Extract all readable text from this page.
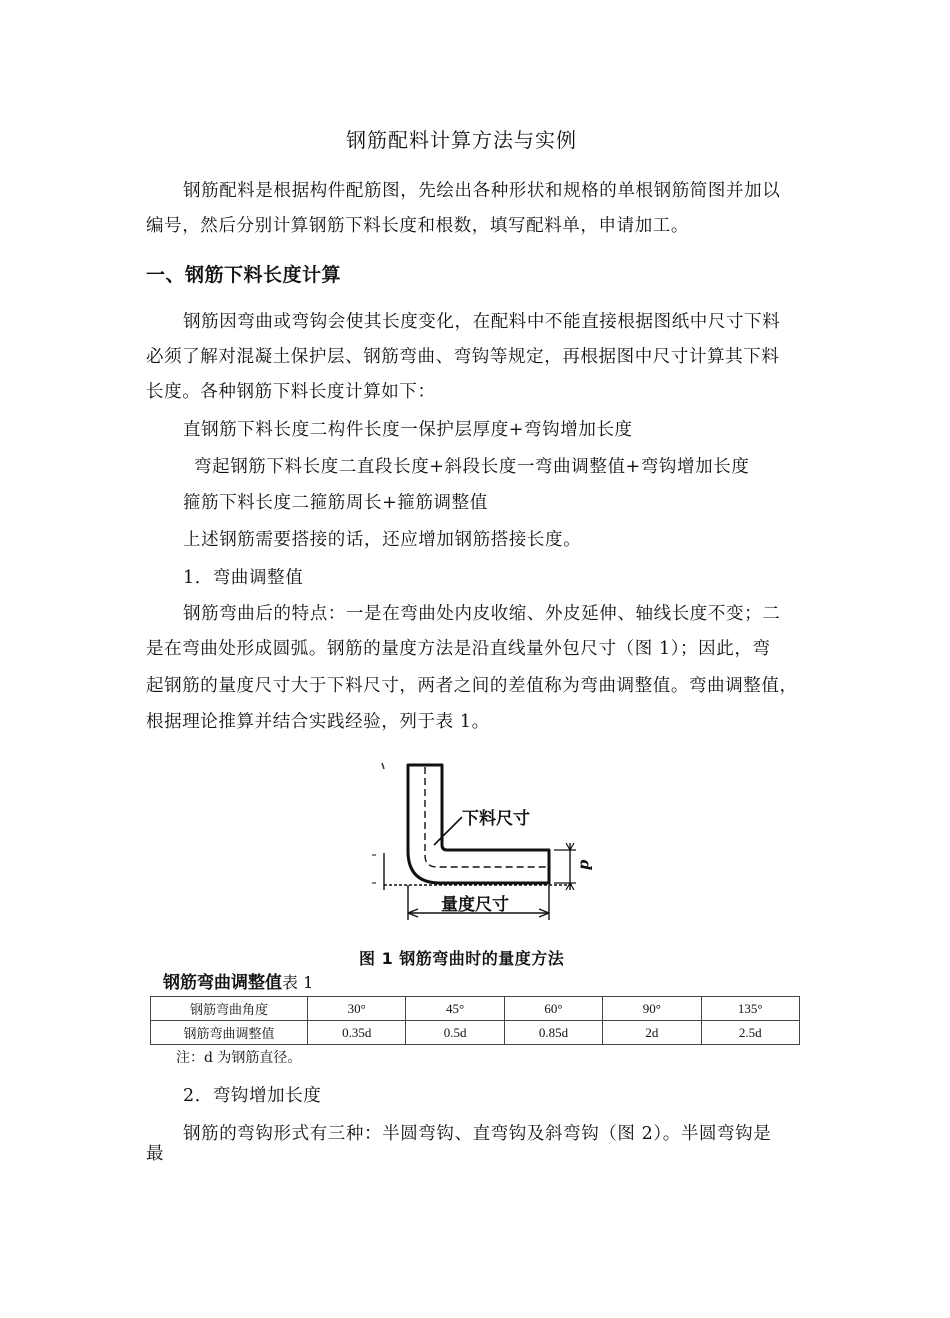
钢筋配料计算方法与实例
钢筋配料是根据构件配筋图，先绘出各种形状和规格的单根钢筋简图并加以
编号，然后分别计算钢筋下料长度和根数，填写配料单，申请加工。
一、钢筋下料长度计算
钢筋因弯曲或弯钩会使其长度变化，在配料中不能直接根据图纸中尺寸下料
必须了解对混凝土保护层、钢筋弯曲、弯钩等规定，再根据图中尺寸计算其下料
长度。各种钢筋下料长度计算如下：
直钢筋下料长度二构件长度一保护层厚度+弯钩增加长度
弯起钢筋下料长度二直段长度+斜段长度一弯曲调整值+弯钩增加长度
箍筋下料长度二箍筋周长+箍筋调整值
上述钢筋需要搭接的话，还应增加钢筋搭接长度。
1．弯曲调整值
钢筋弯曲后的特点：一是在弯曲处内皮收缩、外皮延伸、轴线长度不变；二
是在弯曲处形成圆弧。钢筋的量度方法是沿直线量外包尺寸（图 1）；因此，弯
起钢筋的量度尺寸大于下料尺寸，两者之间的差值称为弯曲调整值。弯曲调整值，
根据理论推算并结合实践经验，列于表 1。
下料尺寸
量度尺寸
d
图 1 钢筋弯曲时的量度方法
钢筋弯曲调整值表 1
钢筋弯曲角度	30°	45°	60°	90°	135°
钢筋弯曲调整值	0.35d	0.5d	0.85d	2d	2.5d
注：d 为钢筋直径。
2．弯钩增加长度
钢筋的弯钩形式有三种：半圆弯钩、直弯钩及斜弯钩（图 2）。半圆弯钩是
最
